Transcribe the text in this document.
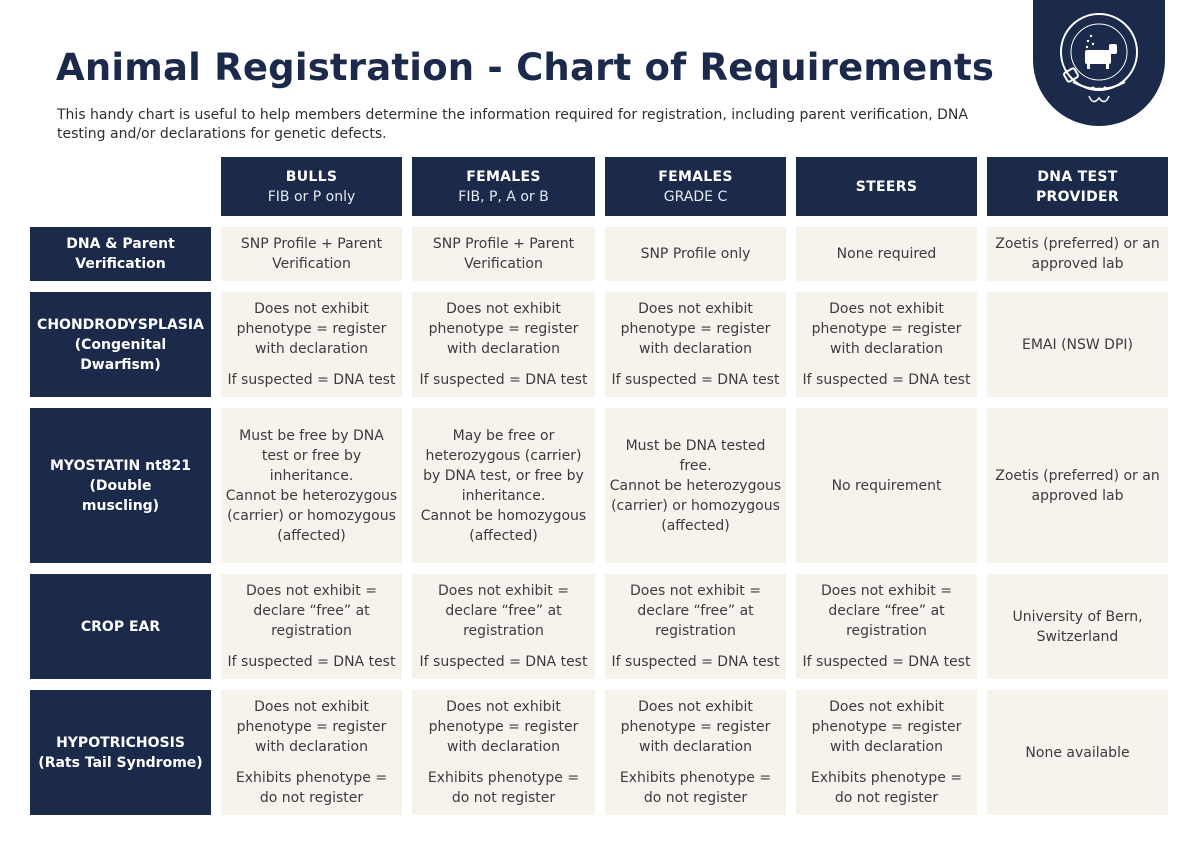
Animal Registration - Chart of Requirements
This handy chart is useful to help members determine the information required for registration, including parent verification, DNA testing and/or declarations for genetic defects.
BULLS
FIB or P only
FEMALES
FIB, P, A or B
FEMALES
GRADE C
STEERS
DNA TEST PROVIDER
DNA & Parent Verification
SNP Profile + Parent Verification
SNP Profile + Parent Verification
SNP Profile only	None required
Zoetis (preferred) or an approved lab
CHONDRODYSPLASIA (Congenital Dwarfism)
Does not exhibit phenotype = register with declaration
If suspected = DNA test
Does not exhibit phenotype = register with declaration
If suspected = DNA test
Does not exhibit phenotype = register with declaration
If suspected = DNA test
Does not exhibit phenotype = register with declaration
If suspected = DNA test
EMAI (NSW DPI)
MYOSTATIN nt821 (Double muscling)
Must be free by DNA test or free by inheritance.
Cannot be heterozygous (carrier) or homozygous (affected)
May be free or heterozygous (carrier) by DNA test, or free by inheritance.
Cannot be homozygous (affected)
Must be DNA tested free.
Cannot be heterozygous (carrier) or homozygous (affected)
No requirement
Zoetis (preferred) or an approved lab
CROP EAR
Does not exhibit = declare “free” at registration
If suspected = DNA test
Does not exhibit = declare “free” at registration
If suspected = DNA test
Does not exhibit = declare “free” at registration
If suspected = DNA test
Does not exhibit = declare “free” at registration
If suspected = DNA test
University of Bern, Switzerland
HYPOTRICHOSIS (Rats Tail Syndrome)
Does not exhibit phenotype = register with declaration
Exhibits phenotype = do not register
Does not exhibit phenotype = register with declaration
Exhibits phenotype = do not register
Does not exhibit phenotype = register with declaration
Exhibits phenotype = do not register
Does not exhibit phenotype = register with declaration
Exhibits phenotype = do not register
None available
